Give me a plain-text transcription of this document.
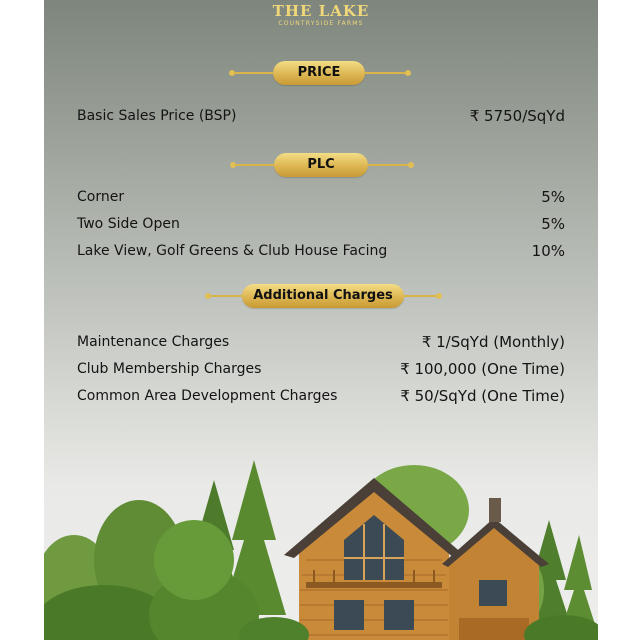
THE LAKE
COUNTRYSIDE FARMS
PRICE
Basic Sales Price (BSP)	₹ 5750/SqYd
PLC
Corner	5%
Two Side Open	5%
Lake View, Golf Greens & Club House Facing	10%
Additional Charges
Maintenance Charges	₹ 1/SqYd (Monthly)
Club Membership Charges	₹ 100,000 (One Time)
Common Area Development Charges	₹ 50/SqYd (One Time)
